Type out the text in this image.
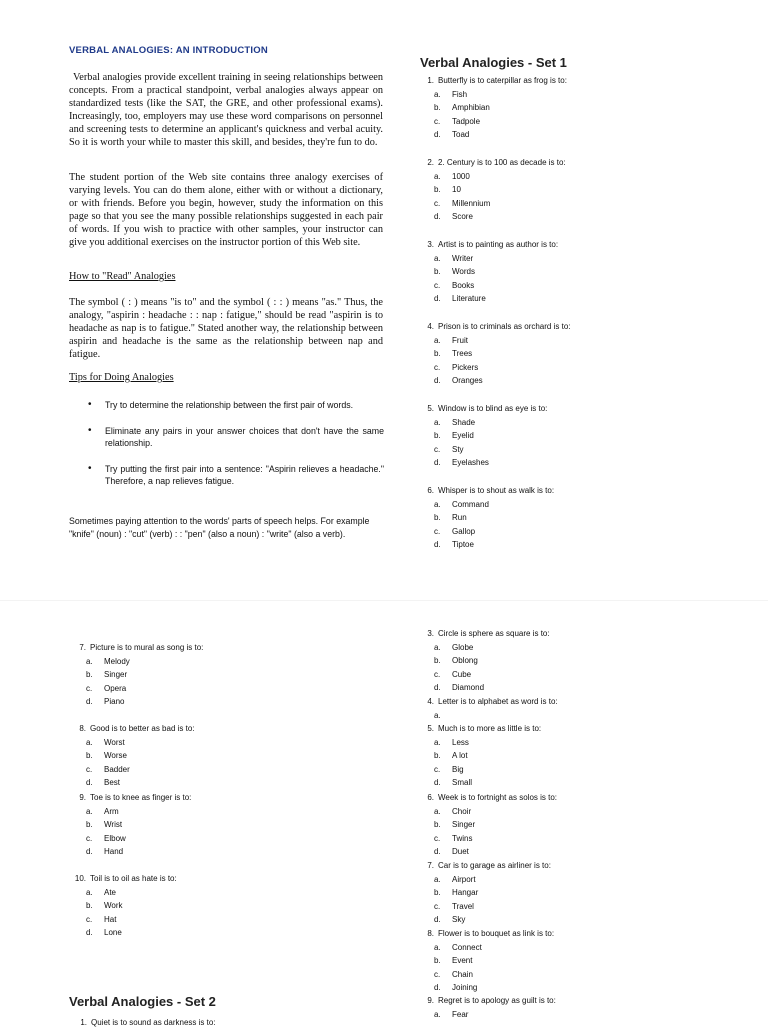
VERBAL ANALOGIES: AN INTRODUCTION
Verbal analogies provide excellent training in seeing relationships between concepts. From a practical standpoint, verbal analogies always appear on standardized tests (like the SAT, the GRE, and other professional exams). Increasingly, too, employers may use these word comparisons on personnel and screening tests to determine an applicant's quickness and verbal acuity. So it is worth your while to master this skill, and besides, they're fun to do.
The student portion of the Web site contains three analogy exercises of varying levels. You can do them alone, either with or without a dictionary, or with friends. Before you begin, however, study the information on this page so that you see the many possible relationships suggested in each pair of words. If you wish to practice with other samples, your instructor can give you additional exercises on the instructor portion of this Web site.
How to "Read" Analogies
The symbol ( : ) means "is to" and the symbol ( : : ) means "as." Thus, the analogy, "aspirin : headache : : nap : fatigue," should be read "aspirin is to headache as nap is to fatigue." Stated another way, the relationship between aspirin and headache is the same as the relationship between nap and fatigue.
Tips for Doing Analogies
• Try to determine the relationship between the first pair of words.
• Eliminate any pairs in your answer choices that don't have the same relationship.
• Try putting the first pair into a sentence: "Aspirin relieves a headache." Therefore, a nap relieves fatigue.
Sometimes paying attention to the words' parts of speech helps. For example "knife" (noun) : "cut" (verb) : : "pen" (also a noun) : "write" (also a verb).
Verbal Analogies - Set 1
1. Butterfly is to caterpillar as frog is to:
a.	Fish
b.	Amphibian
c.	Tadpole
d.	Toad
2. 2. Century is to 100 as decade is to:
a.	1000
b.	10
c.	Millennium
d.	Score
3. Artist is to painting as author is to:
a.	Writer
b.	Words
c.	Books
d.	Literature
4. Prison is to criminals as orchard is to:
a.	Fruit
b.	Trees
c.	Pickers
d.	Oranges
5. Window is to blind as eye is to:
a.	Shade
b.	Eyelid
c.	Sty
d.	Eyelashes
6. Whisper is to shout as walk is to:
a.	Command
b.	Run
c.	Gallop
d.	Tiptoe
7. Picture is to mural as song is to:
a.	Melody
b.	Singer
c.	Opera
d.	Piano
8. Good is to better as bad is to:
a.	Worst
b.	Worse
c.	Badder
d.	Best
9. Toe is to knee as finger is to:
a.	Arm
b.	Wrist
c.	Elbow
d.	Hand
10. Toil is to oil as hate is to:
a.	Ate
b.	Work
c.	Hat
d.	Lone
Verbal Analogies - Set 2
1. Quiet is to sound as darkness is to:
3. Circle is sphere as square is to:
a.	Globe
b.	Oblong
c.	Cube
d.	Diamond
4. Letter is to alphabet as word is to:
a.
5. Much is to more as little is to:
a.	Less
b.	A lot
c.	Big
d.	Small
6. Week is to fortnight as solos is to:
a.	Choir
b.	Singer
c.	Twins
d.	Duet
7. Car is to garage as airliner is to:
a.	Airport
b.	Hangar
c.	Travel
d.	Sky
8. Flower is to bouquet as link is to:
a.	Connect
b.	Event
c.	Chain
d.	Joining
9. Regret is to apology as guilt is to:
a.	Fear
